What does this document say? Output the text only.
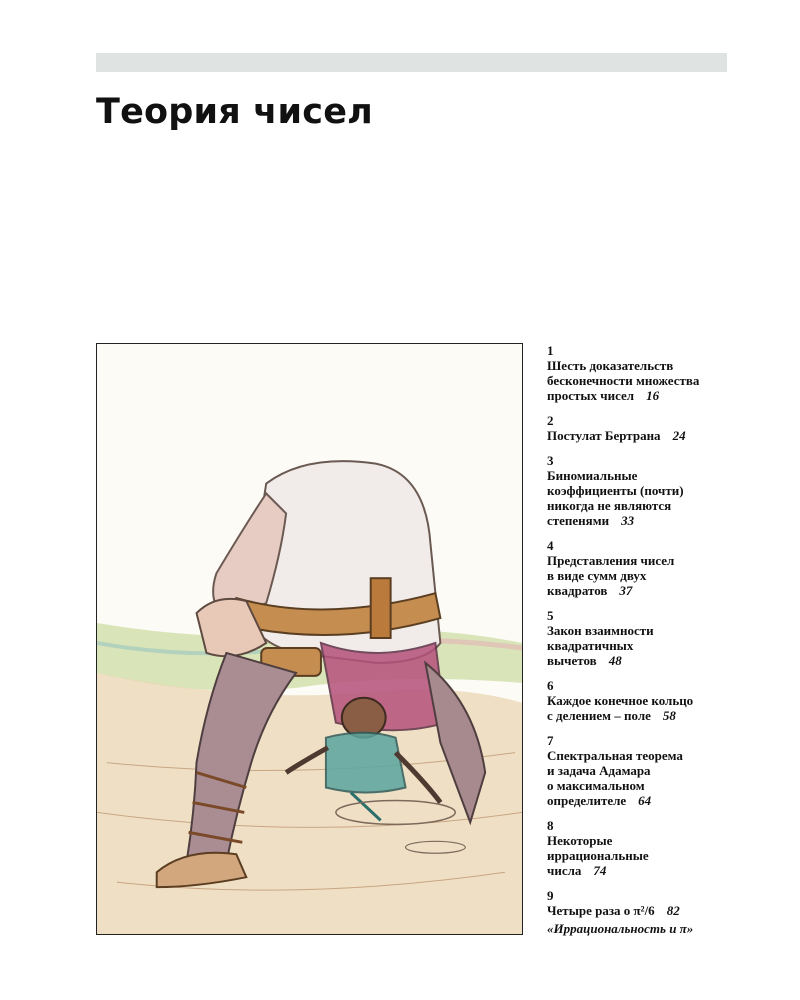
Теория чисел
1
Шесть доказательств
бесконечности множества
простых чисел 16
2
Постулат Бертрана 24
3
Биномиальные
коэффициенты (почти)
никогда не являются
степенями 33
4
Представления чисел
в виде сумм двух
квадратов 37
5
Закон взаимности
квадратичных
вычетов 48
6
Каждое конечное кольцо
с делением – поле 58
7
Спектральная теорема
и задача Адамара
о максимальном
определителе 64
8
Некоторые
иррациональные
числа 74
9
Четыре раза о π²/6 82
«Иррациональность и π»
